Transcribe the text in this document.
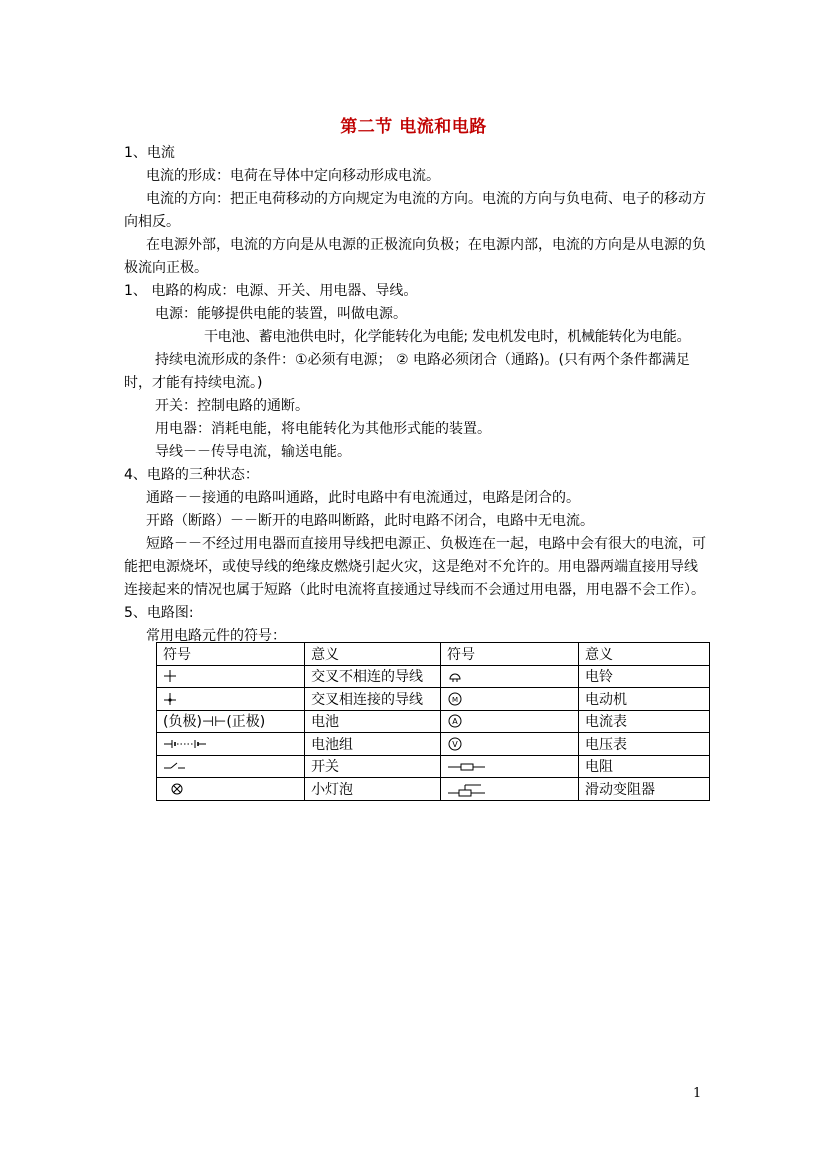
第二节 电流和电路
1、电流
电流的形成：电荷在导体中定向移动形成电流。
电流的方向：把正电荷移动的方向规定为电流的方向。电流的方向与负电荷、电子的移动方向相反。
在电源外部，电流的方向是从电源的正极流向负极；在电源内部，电流的方向是从电源的负极流向正极。
1、 电路的构成：电源、开关、用电器、导线。
电源：能够提供电能的装置，叫做电源。
干电池、蓄电池供电时，化学能转化为电能; 发电机发电时，机械能转化为电能。
持续电流形成的条件：①必须有电源； ② 电路必须闭合（通路)。(只有两个条件都满足时，才能有持续电流。)
开关：控制电路的通断。
用电器：消耗电能，将电能转化为其他形式能的装置。
导线－－传导电流，输送电能。
4、电路的三种状态：
通路－－接通的电路叫通路，此时电路中有电流通过，电路是闭合的。
开路（断路）－－断开的电路叫断路，此时电路不闭合，电路中无电流。
短路－－不经过用电器而直接用导线把电源正、负极连在一起，电路中会有很大的电流，可能把电源烧坏，或使导线的绝缘皮燃烧引起火灾，这是绝对不允许的。用电器两端直接用导线连接起来的情况也属于短路（此时电流将直接通过导线而不会通过用电器，用电器不会工作）。
5、电路图:
常用电路元件的符号：
符号	意义	符号	意义
	交叉不相连的导线		电铃
	交叉相连接的导线	M	电动机
(负极)⊣⊢(正极)	电池	A	电流表
	电池组	V	电压表
	开关		电阻
	小灯泡		滑动变阻器
1
